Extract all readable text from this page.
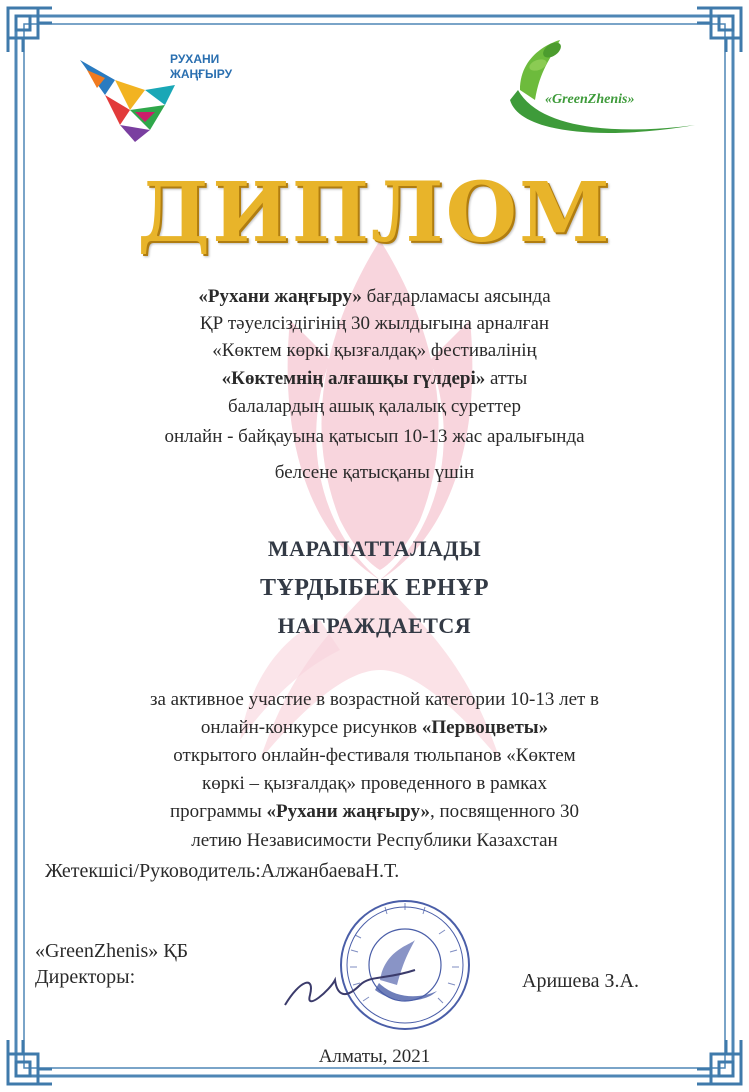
РУХАНИ
ЖАҢҒЫРУ
«GreenZhenis»
ДИПЛОМ
«Рухани жаңғыру» бағдарламасы аясында
ҚР тәуелсіздігінің 30 жылдығына арналған
«Көктем көркі қызғалдақ» фестивалінің
«Көктемнің алғашқы гүлдері» атты
балалардың ашық қалалық суреттер
онлайн - байқауына қатысып 10-13 жас аралығында
белсене қатысқаны үшін
МАРАПАТТАЛАДЫ
ТҰРДЫБЕК ЕРНҰР
НАГРАЖДАЕТСЯ
за активное участие в возрастной категории 10-13 лет в
онлайн-конкурсе рисунков «Первоцветы»
открытого онлайн-фестиваля тюльпанов «Көктем
көркі – қызғалдақ» проведенного в рамках
программы «Рухани жаңғыру», посвященного 30
летию Независимости Республики Казахстан
Жетекшісі/Руководитель:АлжанбаеваН.Т.
«GreenZhenis» ҚБ
Директоры:	Аришева З.А.
Алматы, 2021
